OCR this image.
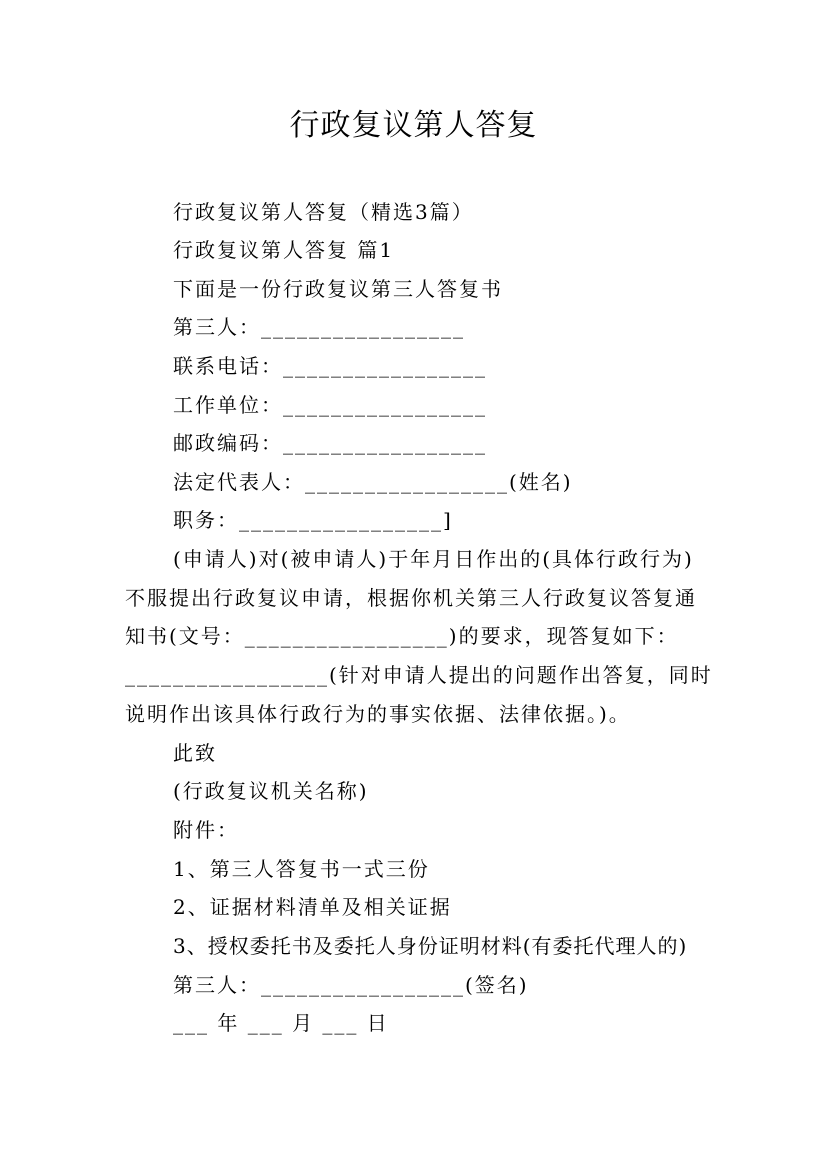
行政复议第人答复
行政复议第人答复（精选3篇）
行政复议第人答复 篇1
下面是一份行政复议第三人答复书
第三人：_________________
联系电话：_________________
工作单位：_________________
邮政编码：_________________
法定代表人：_________________(姓名)
职务：_________________]
(申请人)对(被申请人)于年月日作出的(具体行政行为)
不服提出行政复议申请，根据你机关第三人行政复议答复通
知书(文号：_________________)的要求，现答复如下：
_________________(针对申请人提出的问题作出答复，同时
说明作出该具体行政行为的事实依据、法律依据。)。
此致
(行政复议机关名称)
附件：
1、第三人答复书一式三份
2、证据材料清单及相关证据
3、授权委托书及委托人身份证明材料(有委托代理人的)
第三人：_________________(签名)
___ 年 ___ 月 ___ 日
